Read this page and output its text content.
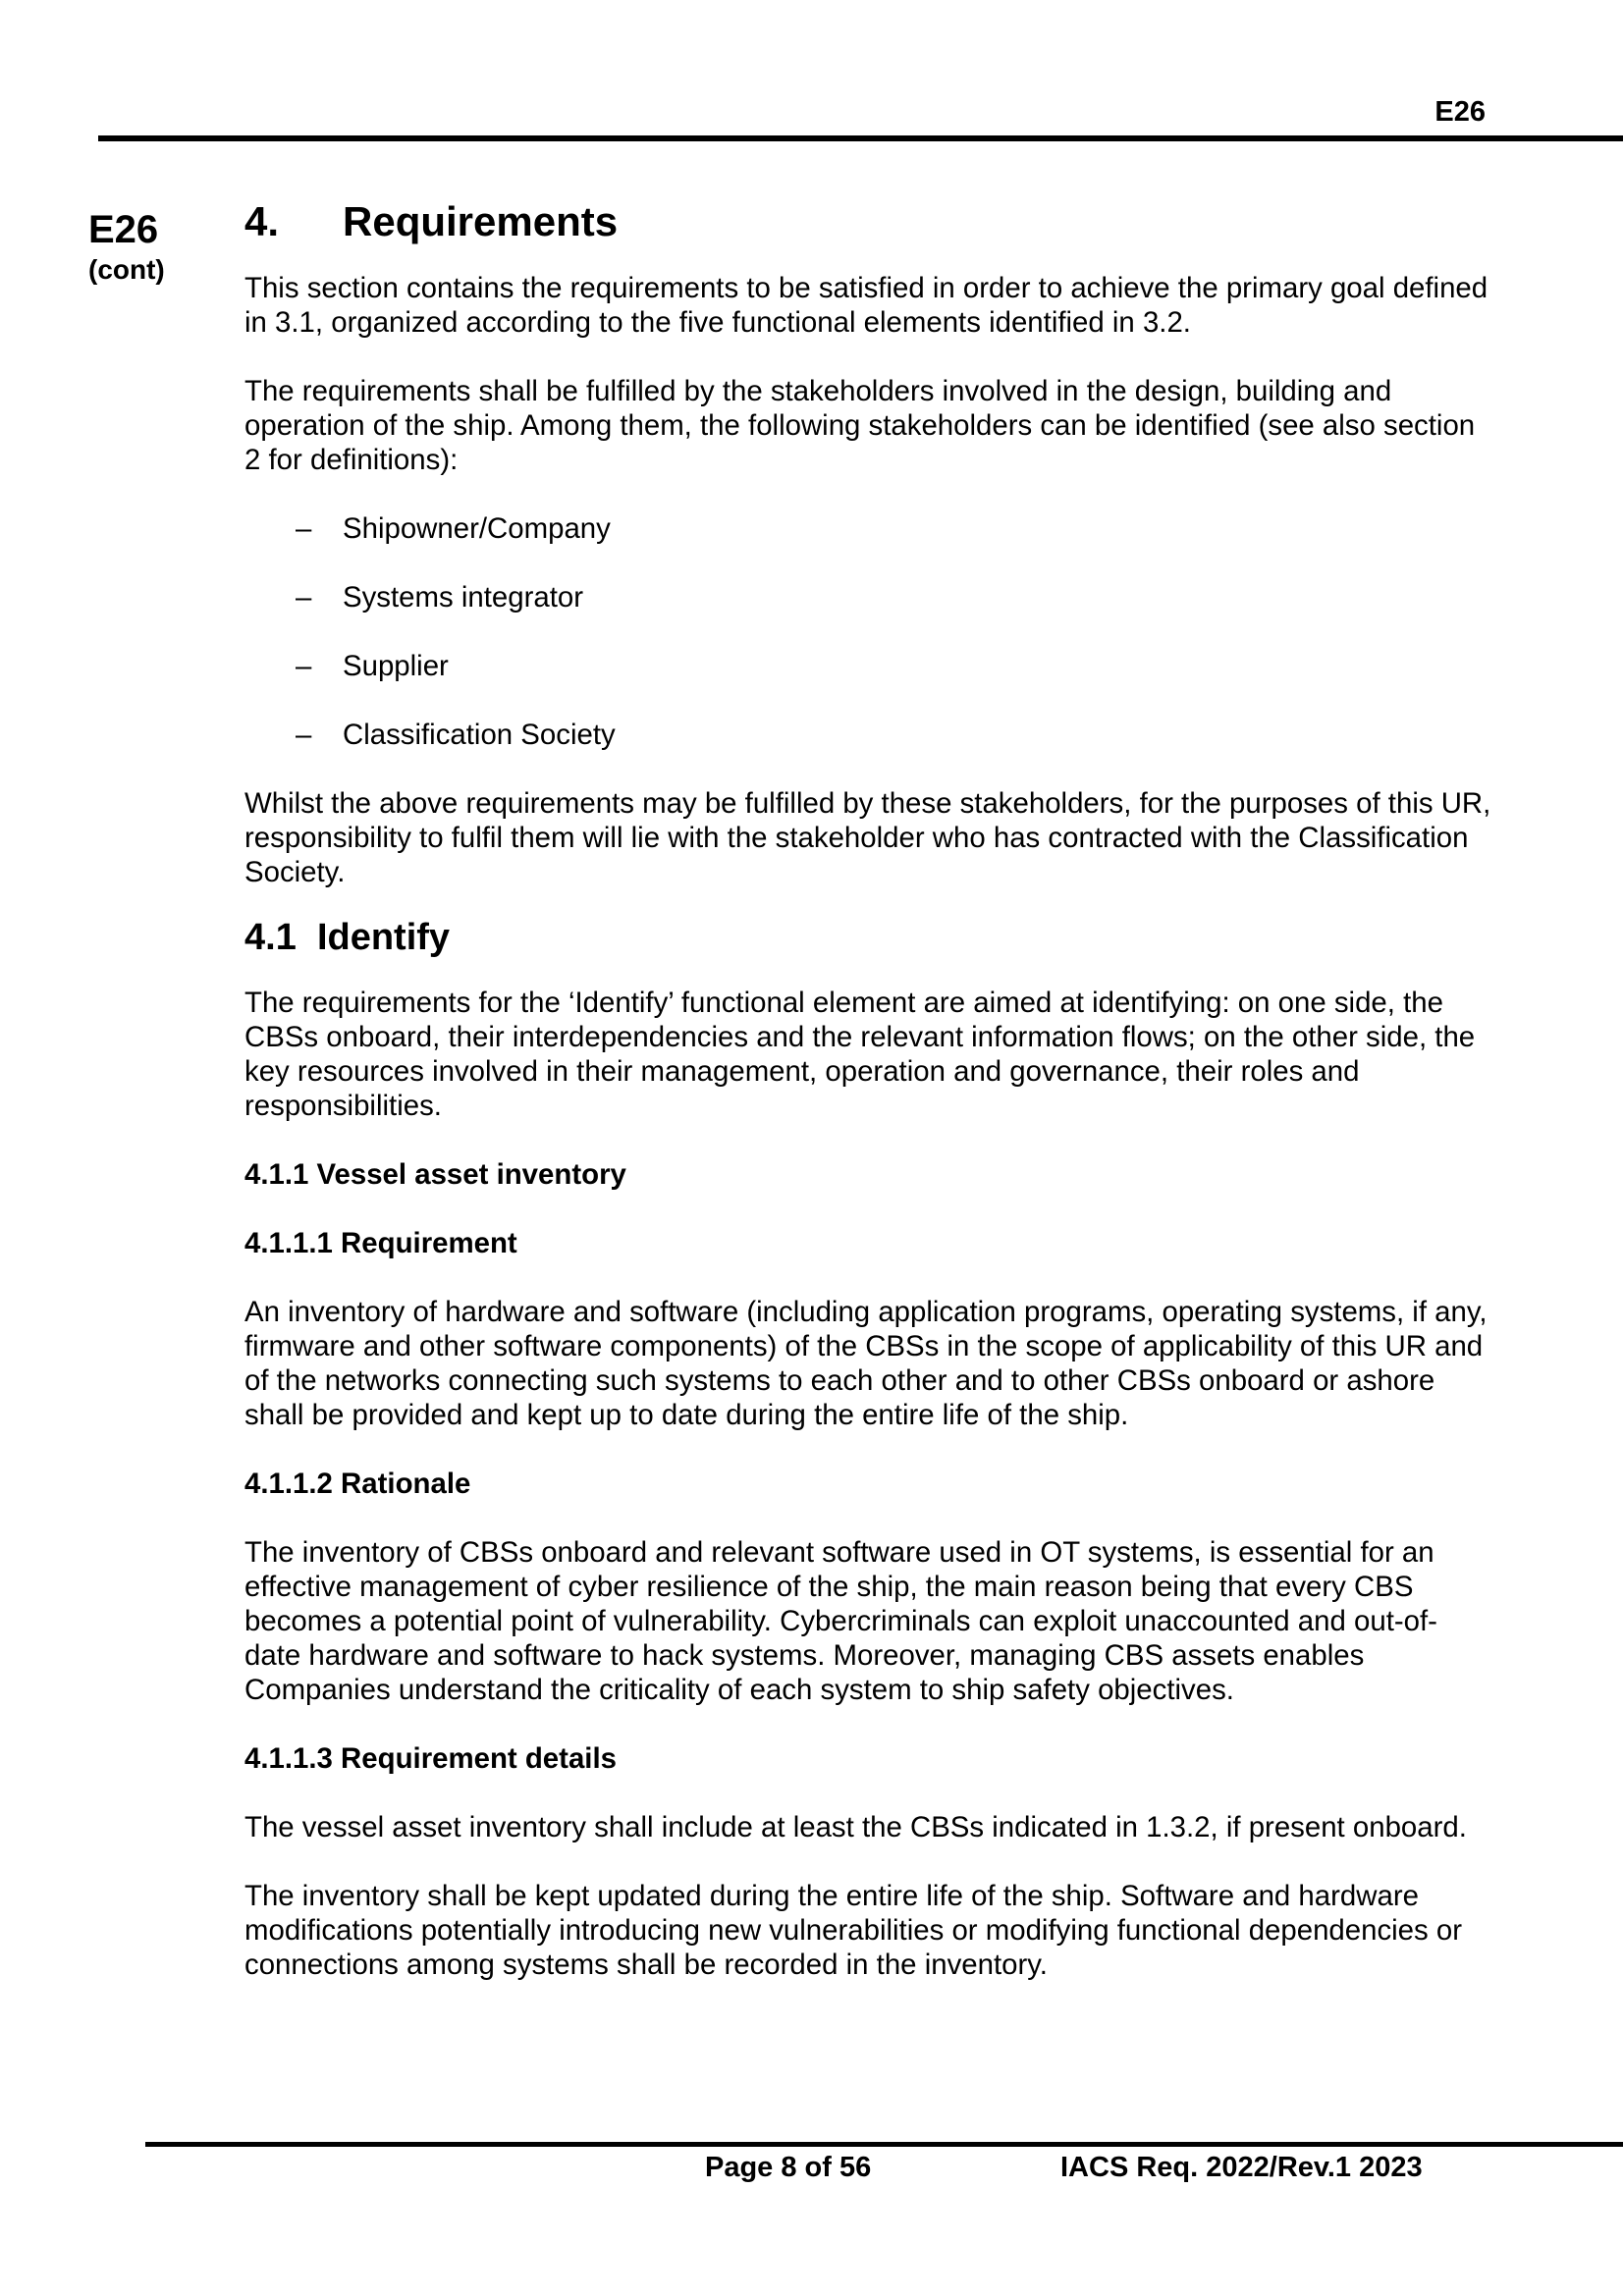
E26
E26
(cont)
4. Requirements

This section contains the requirements to be satisfied in order to achieve the primary goal defined in 3.1, organized according to the five functional elements identified in 3.2.

The requirements shall be fulfilled by the stakeholders involved in the design, building and operation of the ship. Among them, the following stakeholders can be identified (see also section 2 for definitions):

– Shipowner/Company
– Systems integrator
– Supplier
– Classification Society

Whilst the above requirements may be fulfilled by these stakeholders, for the purposes of this UR, responsibility to fulfil them will lie with the stakeholder who has contracted with the Classification Society.

4.1  Identify

The requirements for the ‘Identify’ functional element are aimed at identifying: on one side, the CBSs onboard, their interdependencies and the relevant information flows; on the other side, the key resources involved in their management, operation and governance, their roles and responsibilities.

4.1.1 Vessel asset inventory

4.1.1.1 Requirement

An inventory of hardware and software (including application programs, operating systems, if any, firmware and other software components) of the CBSs in the scope of applicability of this UR and of the networks connecting such systems to each other and to other CBSs onboard or ashore shall be provided and kept up to date during the entire life of the ship.

4.1.1.2 Rationale

The inventory of CBSs onboard and relevant software used in OT systems, is essential for an effective management of cyber resilience of the ship, the main reason being that every CBS becomes a potential point of vulnerability. Cybercriminals can exploit unaccounted and out-of-date hardware and software to hack systems. Moreover, managing CBS assets enables Companies understand the criticality of each system to ship safety objectives.

4.1.1.3 Requirement details

The vessel asset inventory shall include at least the CBSs indicated in 1.3.2, if present onboard.

The inventory shall be kept updated during the entire life of the ship. Software and hardware modifications potentially introducing new vulnerabilities or modifying functional dependencies or connections among systems shall be recorded in the inventory.

Page 8 of 56	IACS Req. 2022/Rev.1 2023
